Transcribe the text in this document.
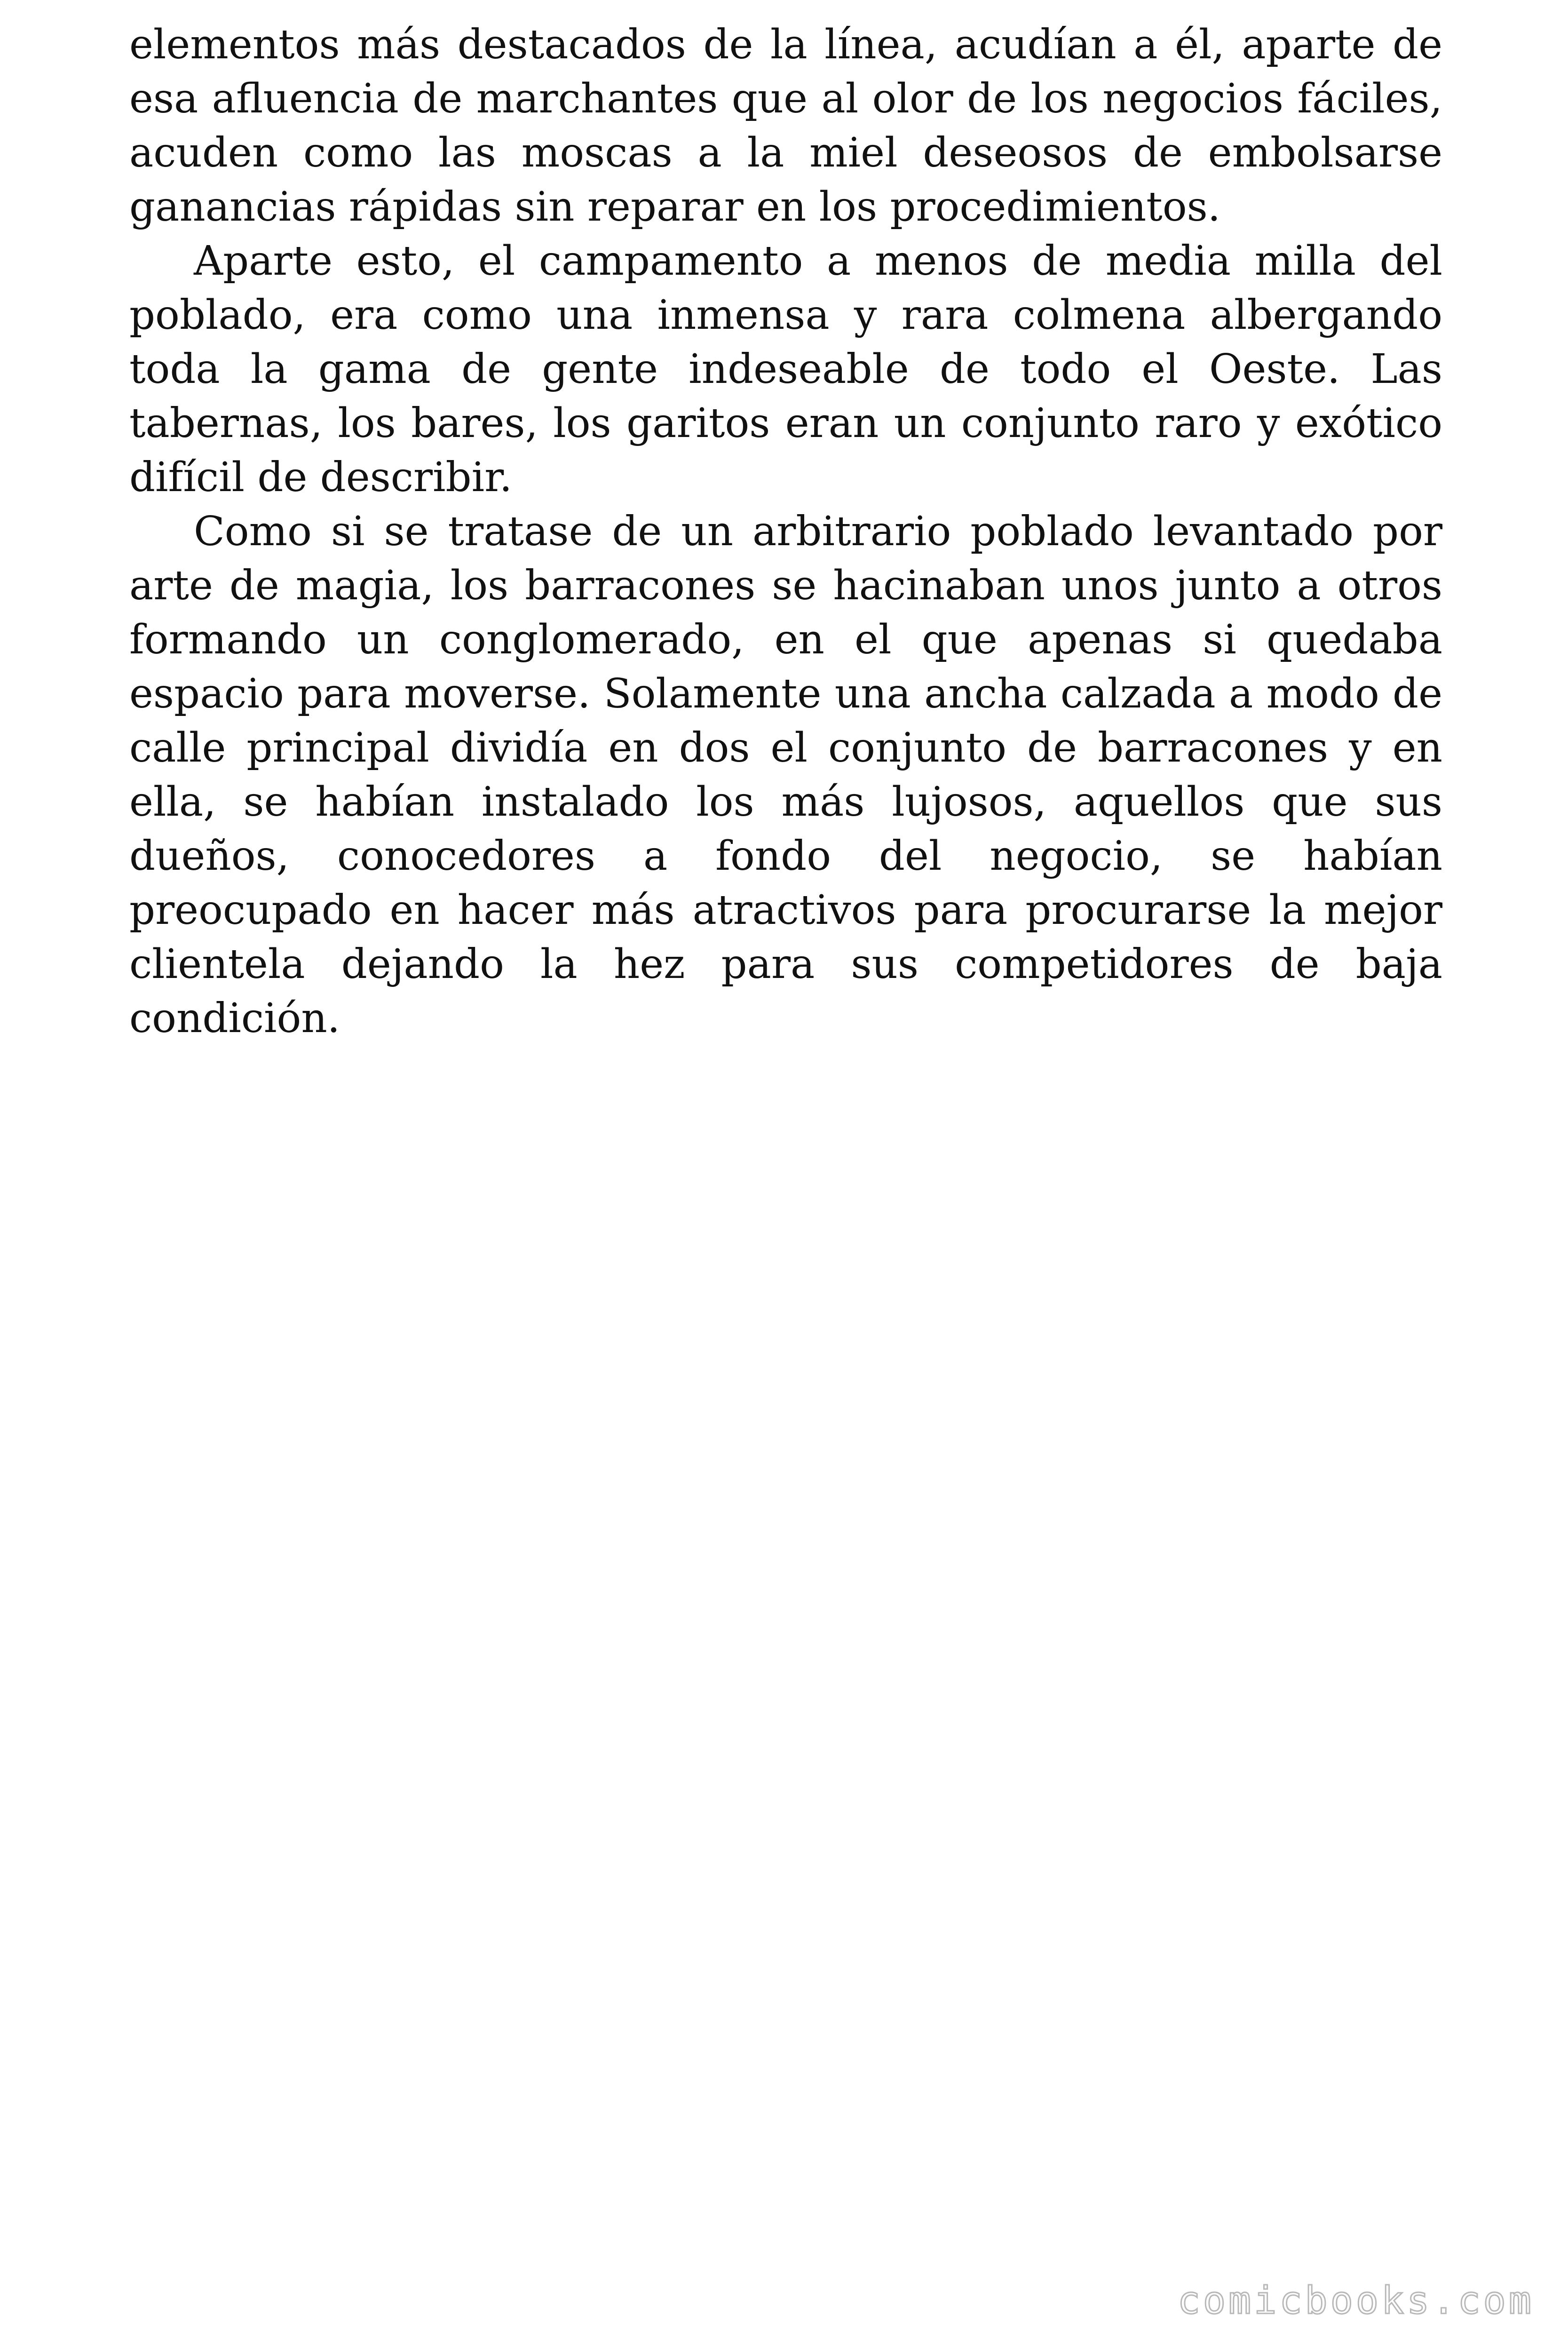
elementos más destacados de la línea, acudían a él, aparte de esa afluencia de marchantes que al olor de los negocios fáciles, acuden como las moscas a la miel deseosos de embolsarse ganancias rápidas sin reparar en los procedimientos.

Aparte esto, el campamento a menos de media milla del poblado, era como una inmensa y rara colmena albergando toda la gama de gente indeseable de todo el Oeste. Las tabernas, los bares, los garitos eran un conjunto raro y exótico difícil de describir.

Como si se tratase de un arbitrario poblado levantado por arte de magia, los barracones se hacinaban unos junto a otros formando un conglomerado, en el que apenas si quedaba espacio para moverse. Solamente una ancha calzada a modo de calle principal dividía en dos el conjunto de barracones y en ella, se habían instalado los más lujosos, aquellos que sus dueños, conocedores a fondo del negocio, se habían preocupado en hacer más atractivos para procurarse la mejor clientela dejando la hez para sus competidores de baja condición.

comicbooks.com
